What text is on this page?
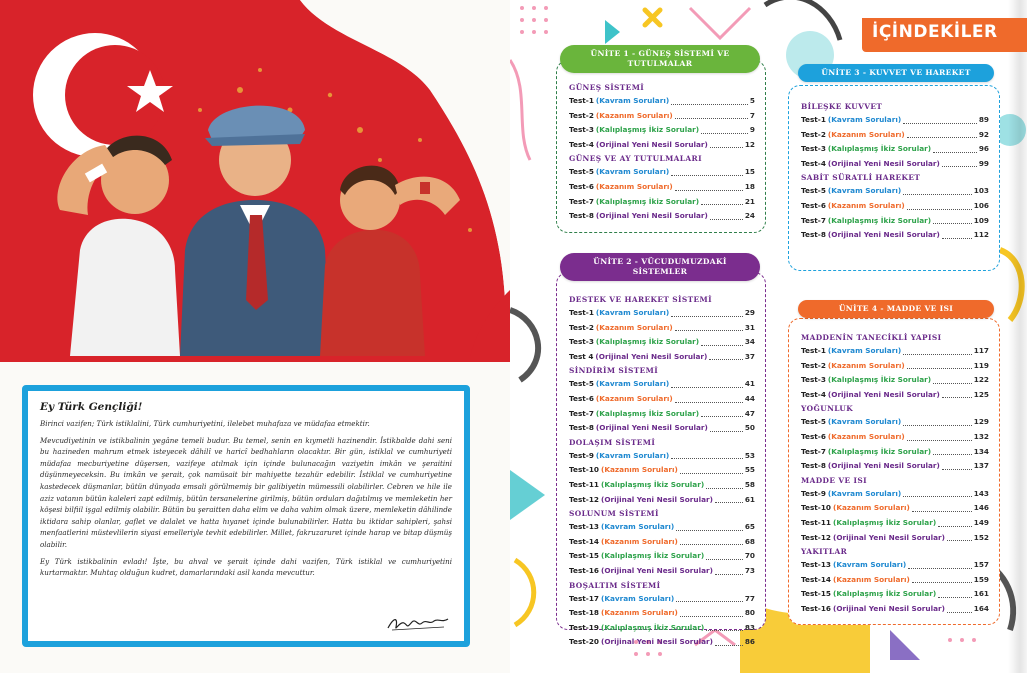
Ey Türk Gençliği!

Birinci vazifen; Türk istiklalini, Türk cumhuriyetini, ilelebet muhafaza ve müdafaa etmektir.

Mevcudiyetinin ve istikbalinin yegâne temeli budur. Bu temel, senin en kıymetli hazinendir. İstikbalde dahi seni bu hazineden mahrum etmek isteyecek dâhilî ve haricî bedhahların olacaktır. Bir gün, istiklal ve cumhuriyeti müdafaa mecburiyetine düşersen, vazifeye atılmak için içinde bulunacağın vaziyetin imkân ve şeraitini düşünmeyeceksin. Bu imkân ve şerait, çok namüsait bir mahiyette tezahür edebilir. İstiklal ve cumhuriyetine kastedecek düşmanlar, bütün dünyada emsali görülmemiş bir galibiyetin mümessili olabilirler. Cebren ve hile ile aziz vatanın bütün kaleleri zapt edilmiş, bütün tersanelerine girilmiş, bütün orduları dağıtılmış ve memleketin her köşesi bilfiil işgal edilmiş olabilir. Bütün bu şeraitten daha elim ve daha vahim olmak üzere, memleketin dâhilinde iktidara sahip olanlar, gaflet ve dalalet ve hatta hıyanet içinde bulunabilirler. Hatta bu iktidar sahipleri, şahsi menfaatlerini müstevlilerin siyasi emelleriyle tevhit edebilirler. Millet, fakruzaruret içinde harap ve bitap düşmüş olabilir.

Ey Türk istikbalinin evladı! İşte, bu ahval ve şerait içinde dahi vazifen, Türk istiklal ve cumhuriyetini kurtarmaktır. Muhtaç olduğun kudret, damarlarındaki asil kanda mevcuttur.

İÇİNDEKİLER
GÜNEŞ SİSTEMİ
Test-1 (Kavram Soruları)	5
Test-2 (Kazanım Soruları)	7
Test-3 (Kalıplaşmış İkiz Sorular)	9
Test-4 (Orijinal Yeni Nesil Sorular)	12
GÜNEŞ VE AY TUTULMALARI
Test-5 (Kavram Soruları)	15
Test-6 (Kazanım Soruları)	18
Test-7 (Kalıplaşmış İkiz Sorular)	21
Test-8 (Orijinal Yeni Nesil Sorular)	24
ÜNİTE 1 - GÜNEŞ SİSTEMİ VE TUTULMALAR
DESTEK VE HAREKET SİSTEMİ
Test-1 (Kavram Soruları)	29
Test-2 (Kazanım Soruları)	31
Test-3 (Kalıplaşmış İkiz Sorular)	34
Test 4 (Orijinal Yeni Nesil Sorular)	37
SİNDİRİM SİSTEMİ
Test-5 (Kavram Soruları)	41
Test-6 (Kazanım Soruları)	44
Test-7 (Kalıplaşmış İkiz Sorular)	47
Test-8 (Orijinal Yeni Nesil Sorular)	50
DOLAŞIM SİSTEMİ
Test-9 (Kavram Soruları)	53
Test-10 (Kazanım Soruları)	55
Test-11 (Kalıplaşmış İkiz Sorular)	58
Test-12 (Orijinal Yeni Nesil Sorular)	61
SOLUNUM SİSTEMİ
Test-13 (Kavram Soruları)	65
Test-14 (Kazanım Soruları)	68
Test-15 (Kalıplaşmış İkiz Sorular)	70
Test-16 (Orijinal Yeni Nesil Sorular)	73
BOŞALTIM SİSTEMİ
Test-17 (Kavram Soruları)	77
Test-18 (Kazanım Soruları)	80
Test-19 (Kalıplaşmış İkiz Sorular)	83
Test-20 (Orijinal Yeni Nesil Sorular)	86
ÜNİTE 2 - VÜCUDUMUZDAKİ SİSTEMLER
BİLEŞKE KUVVET
Test-1 (Kavram Soruları)	89
Test-2 (Kazanım Soruları)	92
Test-3 (Kalıplaşmış İkiz Sorular)	96
Test-4 (Orijinal Yeni Nesil Sorular)	99
SABİT SÜRATLİ HAREKET
Test-5 (Kavram Soruları)	103
Test-6 (Kazanım Soruları)	106
Test-7 (Kalıplaşmış İkiz Sorular)	109
Test-8 (Orijinal Yeni Nesil Sorular)	112
ÜNİTE 3 - KUVVET VE HAREKET
MADDENİN TANECİKLİ YAPISI
Test-1 (Kavram Soruları)	117
Test-2 (Kazanım Soruları)	119
Test-3 (Kalıplaşmış İkiz Sorular)	122
Test-4 (Orijinal Yeni Nesil Sorular)	125
YOĞUNLUK
Test-5 (Kavram Soruları)	129
Test-6 (Kazanım Soruları)	132
Test-7 (Kalıplaşmış İkiz Sorular)	134
Test-8 (Orijinal Yeni Nesil Sorular)	137
MADDE VE ISI
Test-9 (Kavram Soruları)	143
Test-10 (Kazanım Soruları)	146
Test-11 (Kalıplaşmış İkiz Sorular)	149
Test-12 (Orijinal Yeni Nesil Sorular)	152
YAKITLAR
Test-13 (Kavram Soruları)	157
Test-14 (Kazanım Soruları)	159
Test-15 (Kalıplaşmış İkiz Sorular)	161
Test-16 (Orijinal Yeni Nesil Sorular)	164
ÜNİTE 4 - MADDE VE ISI
